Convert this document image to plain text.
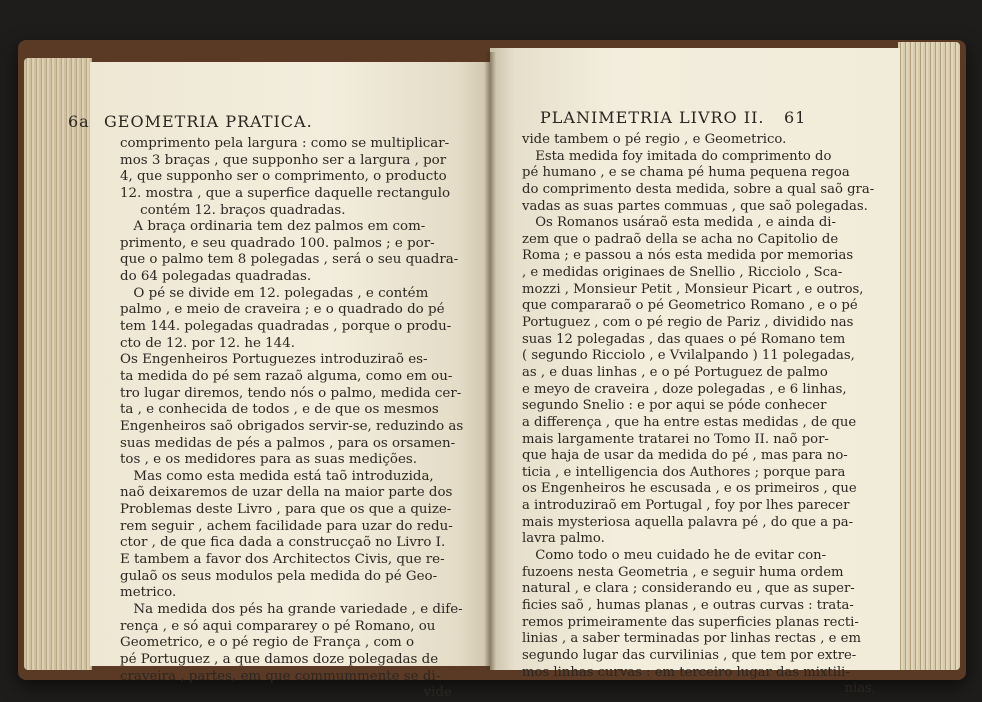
6a GEOMETRIA PRATICA.	PLANIMETRIA LIVRO II. 61
comprimento pela largura : como se multiplicar-
mos 3 braças , que supponho ser a largura , por
4, que supponho ser o comprimento, o producto
12. mostra , que a superfice daquelle rectangulo
contém 12. braços quadradas.
A braça ordinaria tem dez palmos em com-
primento, e seu quadrado 100. palmos ; e por-
que o palmo tem 8 polegadas , será o seu quadra-
do 64 polegadas quadradas.
O pé se divide em 12. polegadas , e contém
palmo , e meio de craveira ; e o quadrado do pé
tem 144. polegadas quadradas , porque o produ-
cto de 12. por 12. he 144.
Os Engenheiros Portuguezes introduziraõ es-
ta medida do pé sem razaõ alguma, como em ou-
tro lugar diremos, tendo nós o palmo, medida cer-
ta , e conhecida de todos , e de que os mesmos
Engenheiros saõ obrigados servir-se, reduzindo as
suas medidas de pés a palmos , para os orsamen-
tos , e os medidores para as suas medições.
Mas como esta medida está taõ introduzida,
naõ deixaremos de uzar della na maior parte dos
Problemas deste Livro , para que os que a quize-
rem seguir , achem facilidade para uzar do redu-
ctor , de que fica dada a construcçaõ no Livro I.
E tambem a favor dos Architectos Civis, que re-
gulaõ os seus modulos pela medida do pé Geo-
metrico.
Na medida dos pés ha grande variedade , e dife-
rença , e só aqui compararey o pé Romano, ou
Geometrico, e o pé regio de França , com o
pé Portuguez , a que damos doze polegadas de
craveira , partes, em que commummente se di-
vide
vide tambem o pé regio , e Geometrico.
Esta medida foy imitada do comprimento do
pé humano , e se chama pé huma pequena regoa
do comprimento desta medida, sobre a qual saõ gra-
vadas as suas partes commuas , que saõ polegadas.
Os Romanos usáraõ esta medida , e ainda di-
zem que o padraõ della se acha no Capitolio de
Roma ; e passou a nós esta medida por memorias
, e medidas originaes de Snellio , Ricciolo , Sca-
mozzi , Monsieur Petit , Monsieur Picart , e outros,
que compararaõ o pé Geometrico Romano , e o pé
Portuguez , com o pé regio de Pariz , dividido nas
suas 12 polegadas , das quaes o pé Romano tem
( segundo Ricciolo , e Vvilalpando ) 11 polegadas,
as , e duas linhas , e o pé Portuguez de palmo
e meyo de craveira , doze polegadas , e 6 linhas,
segundo Snelio : e por aqui se póde conhecer
a differença , que ha entre estas medidas , de que
mais largamente tratarei no Tomo II. naõ por-
que haja de usar da medida do pé , mas para no-
ticia , e intelligencia dos Authores ; porque para
os Engenheiros he escusada , e os primeiros , que
a introduziraõ em Portugal , foy por lhes parecer
mais mysteriosa aquella palavra pé , do que a pa-
lavra palmo.
Como todo o meu cuidado he de evitar con-
fuzoens nesta Geometria , e seguir huma ordem
natural , e clara ; considerando eu , que as super-
ficies saõ , humas planas , e outras curvas : trata-
remos primeiramente das superficies planas recti-
linias , a saber terminadas por linhas rectas , e em
segundo lugar das curvilinias , que tem por extre-
mos linhas curvas : em terceiro lugar das mixtili-
nias,
